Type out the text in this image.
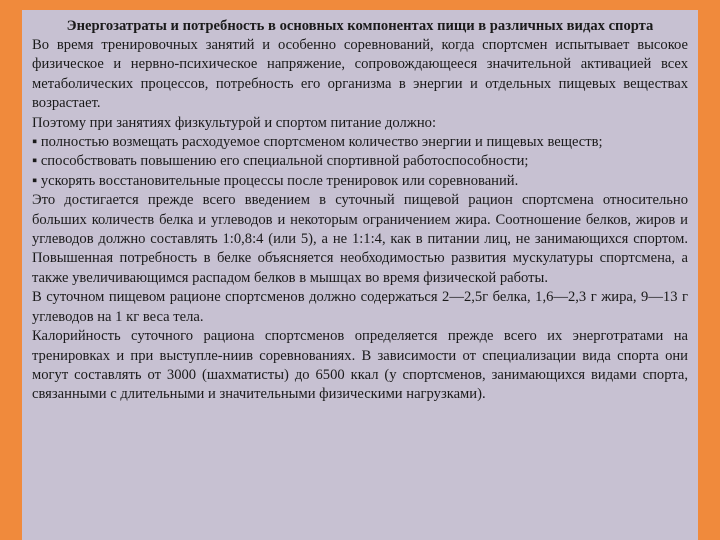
Энергозатраты и потребность в основных компонентах пищи в различных видах спорта

Во время тренировочных занятий и особенно соревнований, когда спортсмен испытывает высокое физическое и нервно-психическое напряжение, сопровождающееся значительной активацией всех метаболических процессов, потребность его организма в энергии и отдельных пищевых веществах возрастает.

Поэтому при занятиях физкультурой и спортом питание должно:

▪ полностью возмещать расходуемое спортсменом количество энергии и пищевых веществ;

▪ способствовать повышению его специальной спортивной работоспособности;

▪ ускорять восстановительные процессы после тренировок или соревнований.

Это достигается прежде всего введением в суточный пищевой рацион спортсмена относительно больших количеств белка и углеводов и некоторым ограничением жира. Соотношение белков, жиров и углеводов должно составлять 1:0,8:4 (или 5), а не 1:1:4, как в питании лиц, не занимающихся спортом. Повышенная потребность в белке объясняется необходимостью развития мускулатуры спортсмена, а также увеличивающимся распадом белков в мышцах во время физической работы.

В суточном пищевом рационе спортсменов должно содержаться 2—2,5г белка, 1,6—2,3 г жира, 9—13 г углеводов на 1 кг веса тела.

Калорийность суточного рациона спортсменов определяется прежде всего их энерготратами на тренировках и при выступле-ниив соревнованиях. В зависимости от специализации вида спорта они могут составлять от 3000 (шахматисты) до 6500 ккал (у спортсменов, занимающихся видами спорта, связанными с длительными и значительными физическими нагрузками).
